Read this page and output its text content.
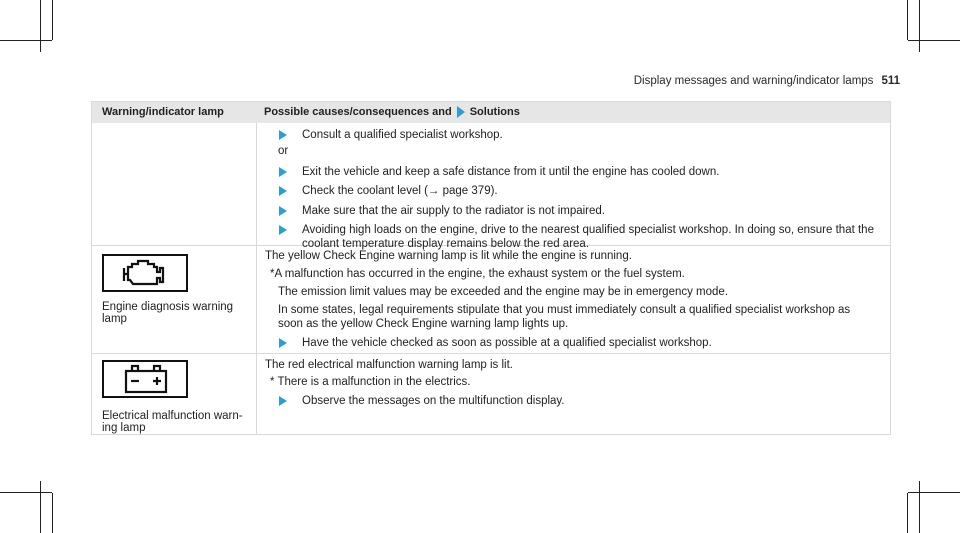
Display messages and warning/indicator lamps 511
Warning/indicator lamp	Possible causes/consequences and Solutions
Consult a qualified specialist workshop.
or
Exit the vehicle and keep a safe distance from it until the engine has cooled down.
Check the coolant level (→ page 379).
Make sure that the air supply to the radiator is not impaired.
Avoiding high loads on the engine, drive to the nearest qualified specialist workshop. In doing so, ensure that the
coolant temperature display remains below the red area.
Engine diagnosis warning
lamp
The yellow Check Engine warning lamp is lit while the engine is running.
*A malfunction has occurred in the engine, the exhaust system or the fuel system.
The emission limit values may be exceeded and the engine may be in emergency mode.
In some states, legal requirements stipulate that you must immediately consult a qualified specialist workshop as
soon as the yellow Check Engine warning lamp lights up.
Have the vehicle checked as soon as possible at a qualified specialist workshop.
Electrical malfunction warn-
ing lamp
The red electrical malfunction warning lamp is lit.
* There is a malfunction in the electrics.
Observe the messages on the multifunction display.
